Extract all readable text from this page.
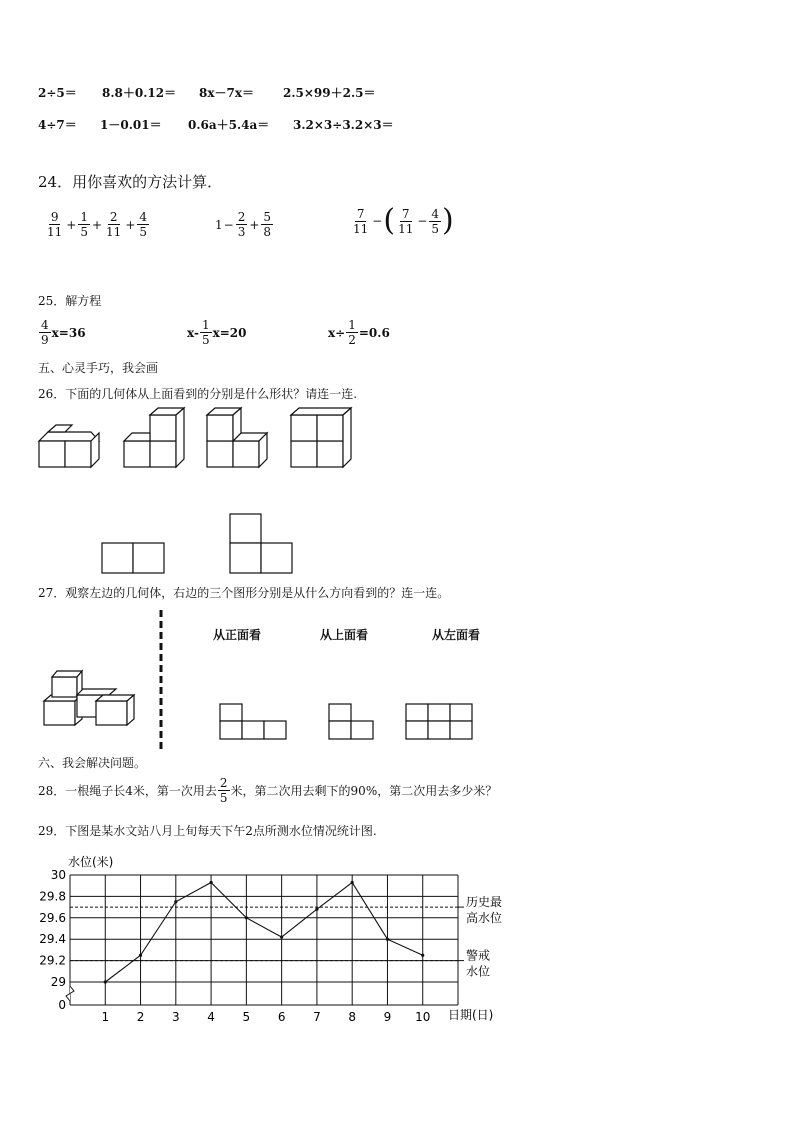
2÷5＝ 8.8＋0.12＝ 8x－7x＝ 2.5×99＋2.5＝
4÷7＝ 1－0.01＝ 0.6a＋5.4a＝ 3.2×3÷3.2×3＝
24．用你喜欢的方法计算．
$\frac{9}{11} + \frac{1}{5} + \frac{2}{11} + \frac{4}{5}$	$1 - \frac{2}{3} + \frac{5}{8}$	$\frac{7}{11}$ − ( $\frac{7}{11} - \frac{4}{5}$ )
25．解方程
$\frac{4}{9} x=36$	$x- \frac{1}{5} x=20$	$x\div \frac{1}{2} =0.6$
五、心灵手巧，我会画
26．下面的几何体从上面看到的分别是什么形状？请连一连.
27．观察左边的几何体，右边的三个图形分别是从什么方向看到的？连一连。
从正面看	从上面看	从左面看
六、我会解决问题。
28．一根绳子长4米，第一次用去 $\frac{2}{5}$ 米，第二次用去剩下的90%，第二次用去多少米？
29．下图是某水文站八月上旬每天下午2点所测水位情况统计图.
水位(米)
30
29.8
29.6
29.4
29.2
29
0
1 2 3 4 5 6 7 8 9 10
历史最
高水位
警戒
水位
日期(日)
